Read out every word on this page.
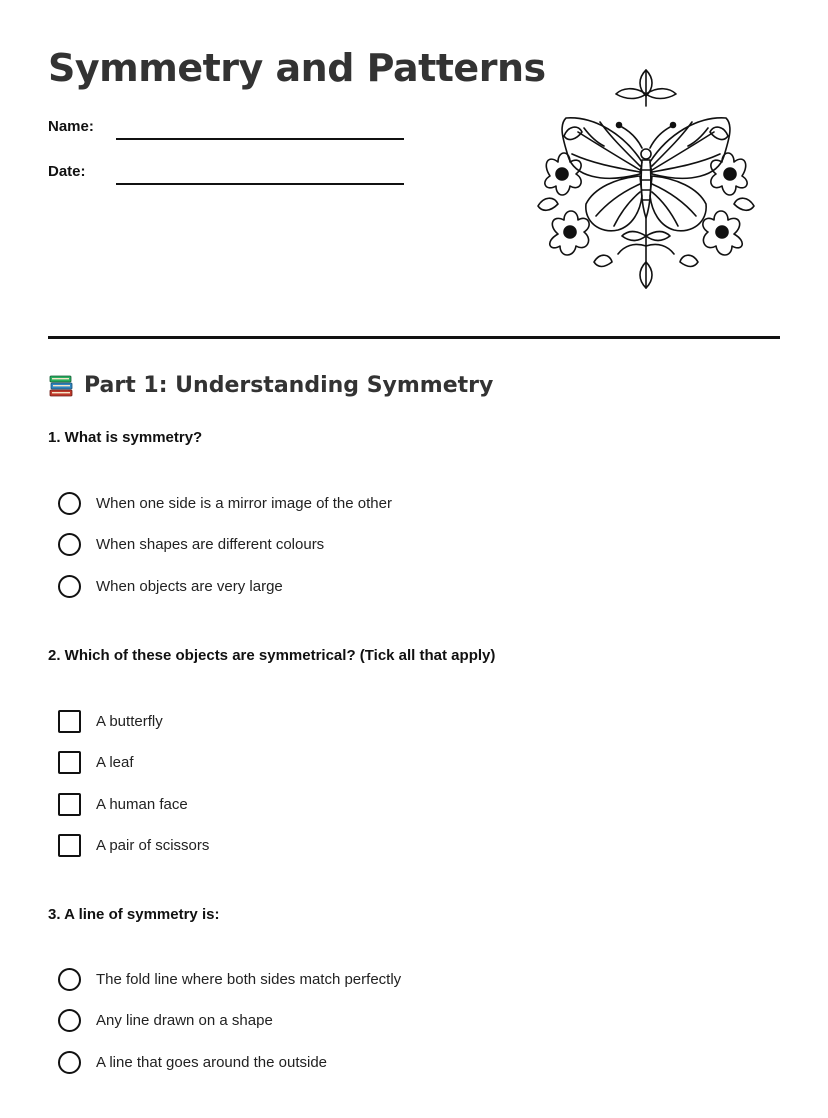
Symmetry and Patterns
Name:
Date:
Part 1: Understanding Symmetry

1. What is symmetry?

When one side is a mirror image of the other
When shapes are different colours
When objects are very large

2. Which of these objects are symmetrical? (Tick all that apply)

A butterfly
A leaf
A human face
A pair of scissors

3. A line of symmetry is:

The fold line where both sides match perfectly
Any line drawn on a shape
A line that goes around the outside
